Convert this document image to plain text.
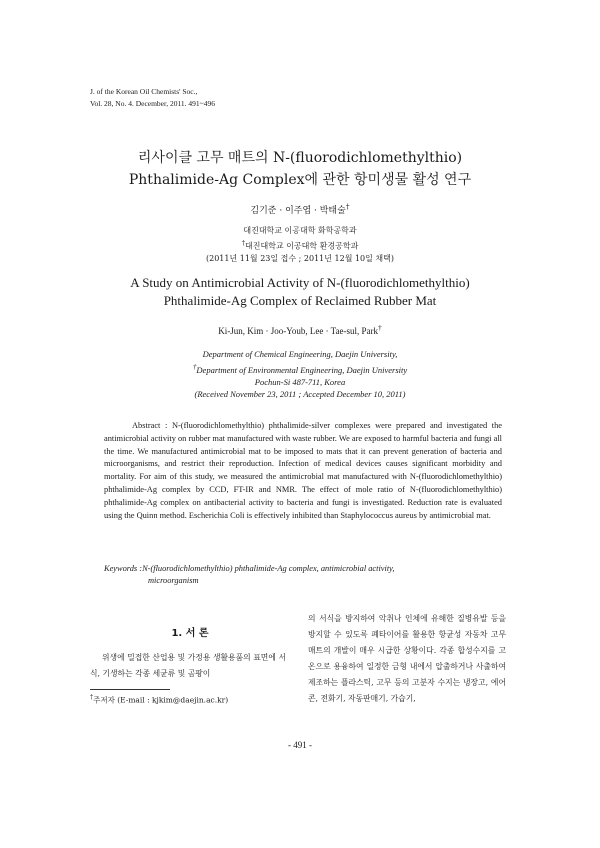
J. of the Korean Oil Chemists' Soc.,
Vol. 28, No. 4. December, 2011. 491~496
리사이클 고무 매트의 N-(fluorodichlomethylthio)
Phthalimide-Ag Complex에 관한 항미생물 활성 연구
김기준 · 이주엽 · 박태술†
대진대학교 이공대학 화학공학과
†대진대학교 이공대학 환경공학과
(2011년 11월 23일 접수 ; 2011년 12월 10일 채택)
A Study on Antimicrobial Activity of N-(fluorodichlomethylthio)
Phthalimide-Ag Complex of Reclaimed Rubber Mat
Ki-Jun, Kim · Joo-Youb, Lee · Tae-sul, Park†
Department of Chemical Engineering, Daejin University,
†Department of Environmental Engineering, Daejin University
Pochun-Si 487-711, Korea
(Received November 23, 2011 ; Accepted December 10, 2011)
Abstract : N-(fluorodichlomethylthio) phthalimide-silver complexes were prepared and investigated the antimicrobial activity on rubber mat manufactured with waste rubber. We are exposed to harmful bacteria and fungi all the time. We manufactured antimicrobial mat to be imposed to mats that it can prevent generation of bacteria and microorganisms, and restrict their reproduction. Infection of medical devices causes significant morbidity and mortality. For aim of this study, we measured the antimicrobial mat manufactured with N-(fluorodichlomethylthio) phthalimide-Ag complex by CCD, FT-IR and NMR. The effect of mole ratio of N-(fluorodichlomethylthio) phthalimide-Ag complex on antibacterial activity to bacteria and fungi is investigated. Reduction rate is evaluated using the Quinn method. Escherichia Coli is effectively inhibited than Staphylococcus aureus by antimicrobial mat.
Keywords :N-(fluorodichlomethylthio) phthalimide-Ag complex, antimicrobial activity,
microorganism
1. 서 론
위생에 밀접한 산업용 및 가정용 생활용품의 표면에 서식, 기생하는 각종 세균류 및 곰팡이
†주저자 (E-mail : kjkim@daejin.ac.kr)
의 서식을 방지하여 악취나 인체에 유해한 질병유발 등을 방지할 수 있도록 폐타이어를 활용한 항균성 자동차 고무 매트의 개발이 매우 시급한 상황이다. 각종 합성수지를 고온으로 용융하여 일정한 금형 내에서 압출하거나 사출하여 제조하는 플라스틱, 고무 등의 고분자 수지는 냉장고, 에어콘, 전화기, 자동판매기, 가습기,
- 491 -
